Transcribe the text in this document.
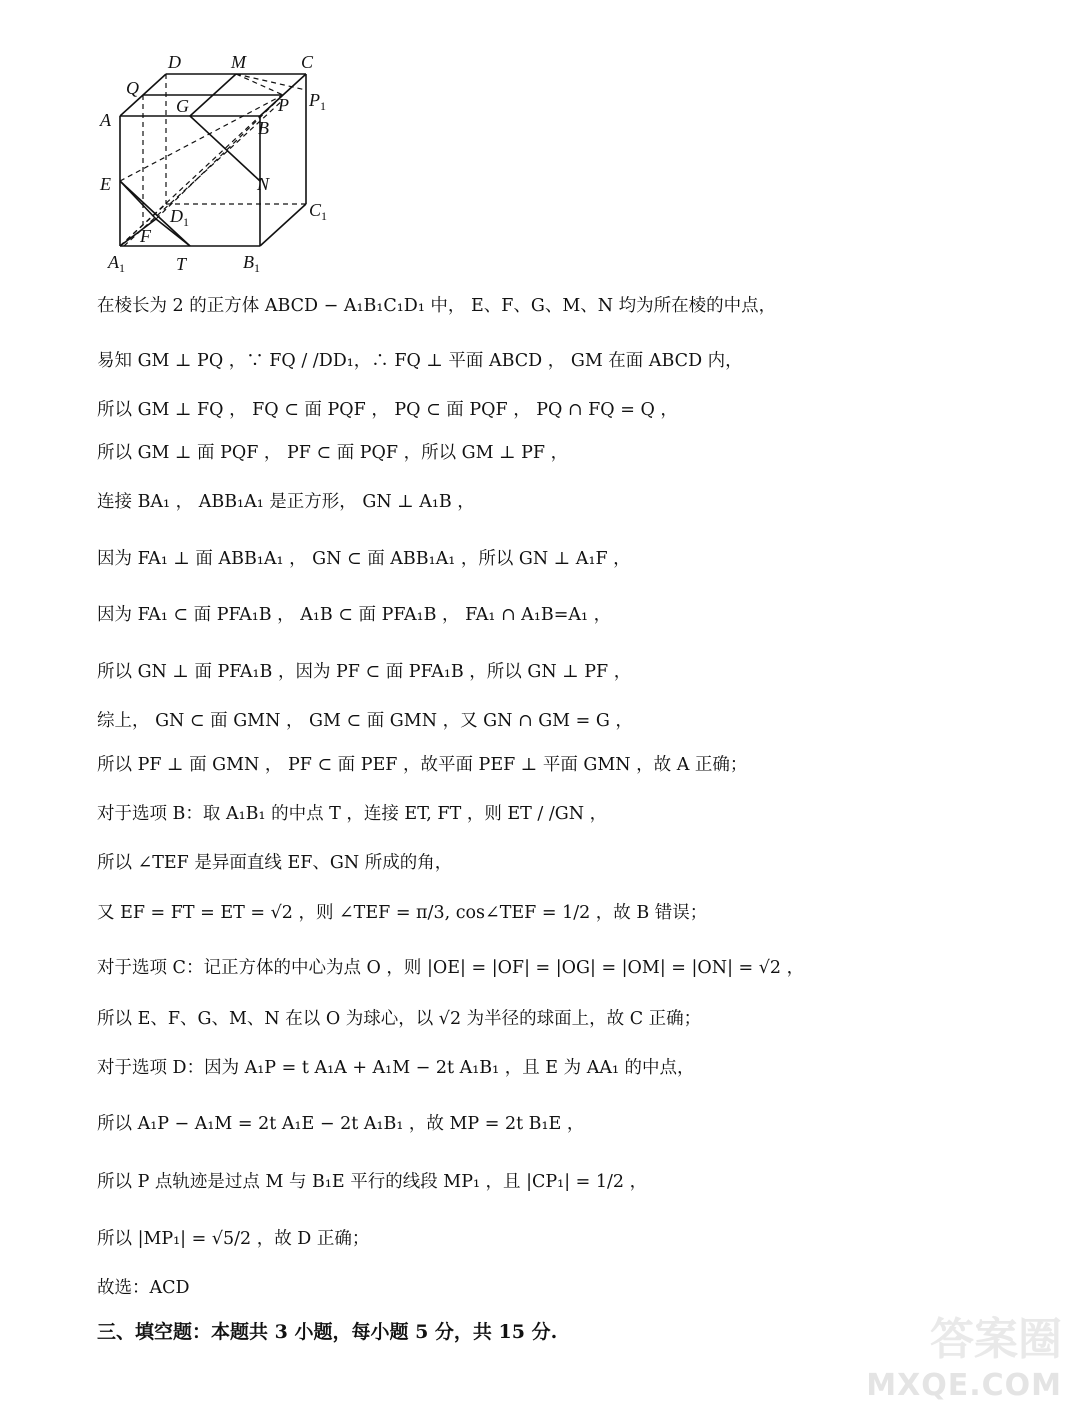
D	M	C
Q
G	P $P_1$
A	B
E	N
$D_1$
$C_1$
F
$A_1$	T	$B_1$
在棱长为 2 的正方体 ABCD − A₁B₁C₁D₁ 中， E、F、G、M、N 均为所在棱的中点，
易知 GM ⊥ PQ ，∵ FQ / /DD₁，∴ FQ ⊥ 平面 ABCD ， GM 在面 ABCD 内，
所以 GM ⊥ FQ ， FQ ⊂ 面 PQF ， PQ ⊂ 面 PQF ， PQ ∩ FQ = Q ，
所以 GM ⊥ 面 PQF ， PF ⊂ 面 PQF ，所以 GM ⊥ PF ，
连接 BA₁ ， ABB₁A₁ 是正方形， GN ⊥ A₁B ，
因为 FA₁ ⊥ 面 ABB₁A₁ ， GN ⊂ 面 ABB₁A₁ ，所以 GN ⊥ A₁F ，
因为 FA₁ ⊂ 面 PFA₁B ， A₁B ⊂ 面 PFA₁B ， FA₁ ∩ A₁B=A₁ ，
所以 GN ⊥ 面 PFA₁B ，因为 PF ⊂ 面 PFA₁B ，所以 GN ⊥ PF ，
综上， GN ⊂ 面 GMN ， GM ⊂ 面 GMN ，又 GN ∩ GM = G ，
所以 PF ⊥ 面 GMN ， PF ⊂ 面 PEF ，故平面 PEF ⊥ 平面 GMN ，故 A 正确；
对于选项 B：取 A₁B₁ 的中点 T ，连接 ET, FT ，则 ET / /GN ，
所以 ∠TEF 是异面直线 EF、GN 所成的角，
又 EF = FT = ET = √2 ，则 ∠TEF = π/3, cos∠TEF = 1/2 ，故 B 错误；
对于选项 C：记正方体的中心为点 O ，则 |OE| = |OF| = |OG| = |OM| = |ON| = √2 ，
所以 E、F、G、M、N 在以 O 为球心，以 √2 为半径的球面上，故 C 正确；
对于选项 D：因为 A₁P = t A₁A + A₁M − 2t A₁B₁ ，且 E 为 AA₁ 的中点，
所以 A₁P − A₁M = 2t A₁E − 2t A₁B₁ ，故 MP = 2t B₁E ，
所以 P 点轨迹是过点 M 与 B₁E 平行的线段 MP₁ ，且 |CP₁| = 1/2 ，
所以 |MP₁| = √5/2 ，故 D 正确；
故选：ACD
三、填空题：本题共 3 小题，每小题 5 分，共 15 分.	答案圈
MXQE.COM
